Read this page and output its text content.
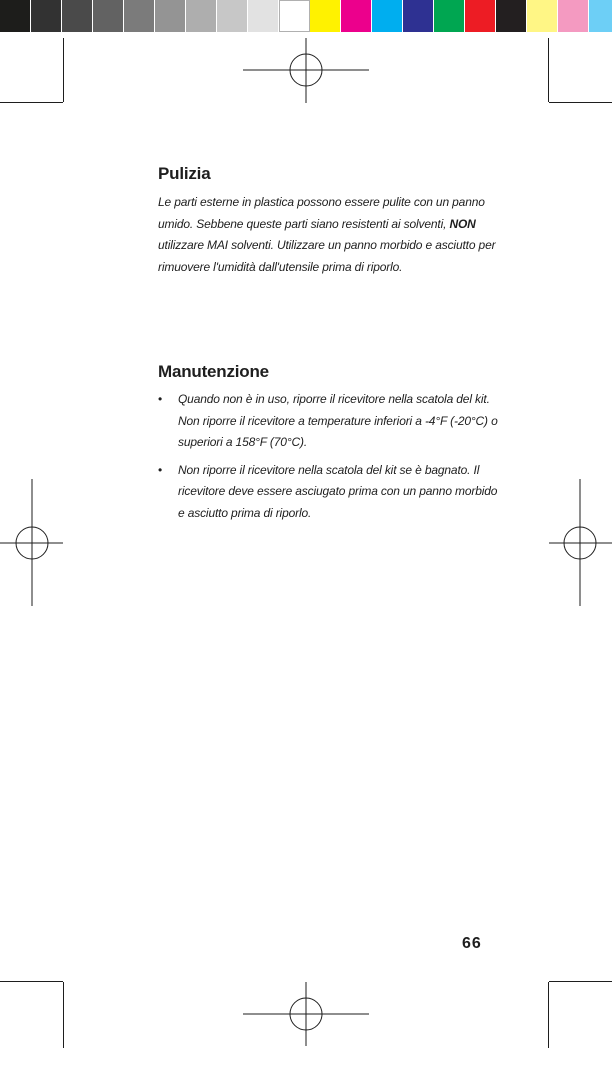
Pulizia

Le parti esterne in plastica possono essere pulite con un panno umido. Sebbene queste parti siano resistenti ai solventi, NON utilizzare MAI solventi. Utilizzare un panno morbido e asciutto per rimuovere l'umidità dall'utensile prima di riporlo.

Manutenzione
• Quando non è in uso, riporre il ricevitore nella scatola del kit. Non riporre il ricevitore a temperature inferiori a -4°F (-20°C) o superiori a 158°F (70°C).
• Non riporre il ricevitore nella scatola del kit se è bagnato. Il ricevitore deve essere asciugato prima con un panno morbido e asciutto prima di riporlo.
66
